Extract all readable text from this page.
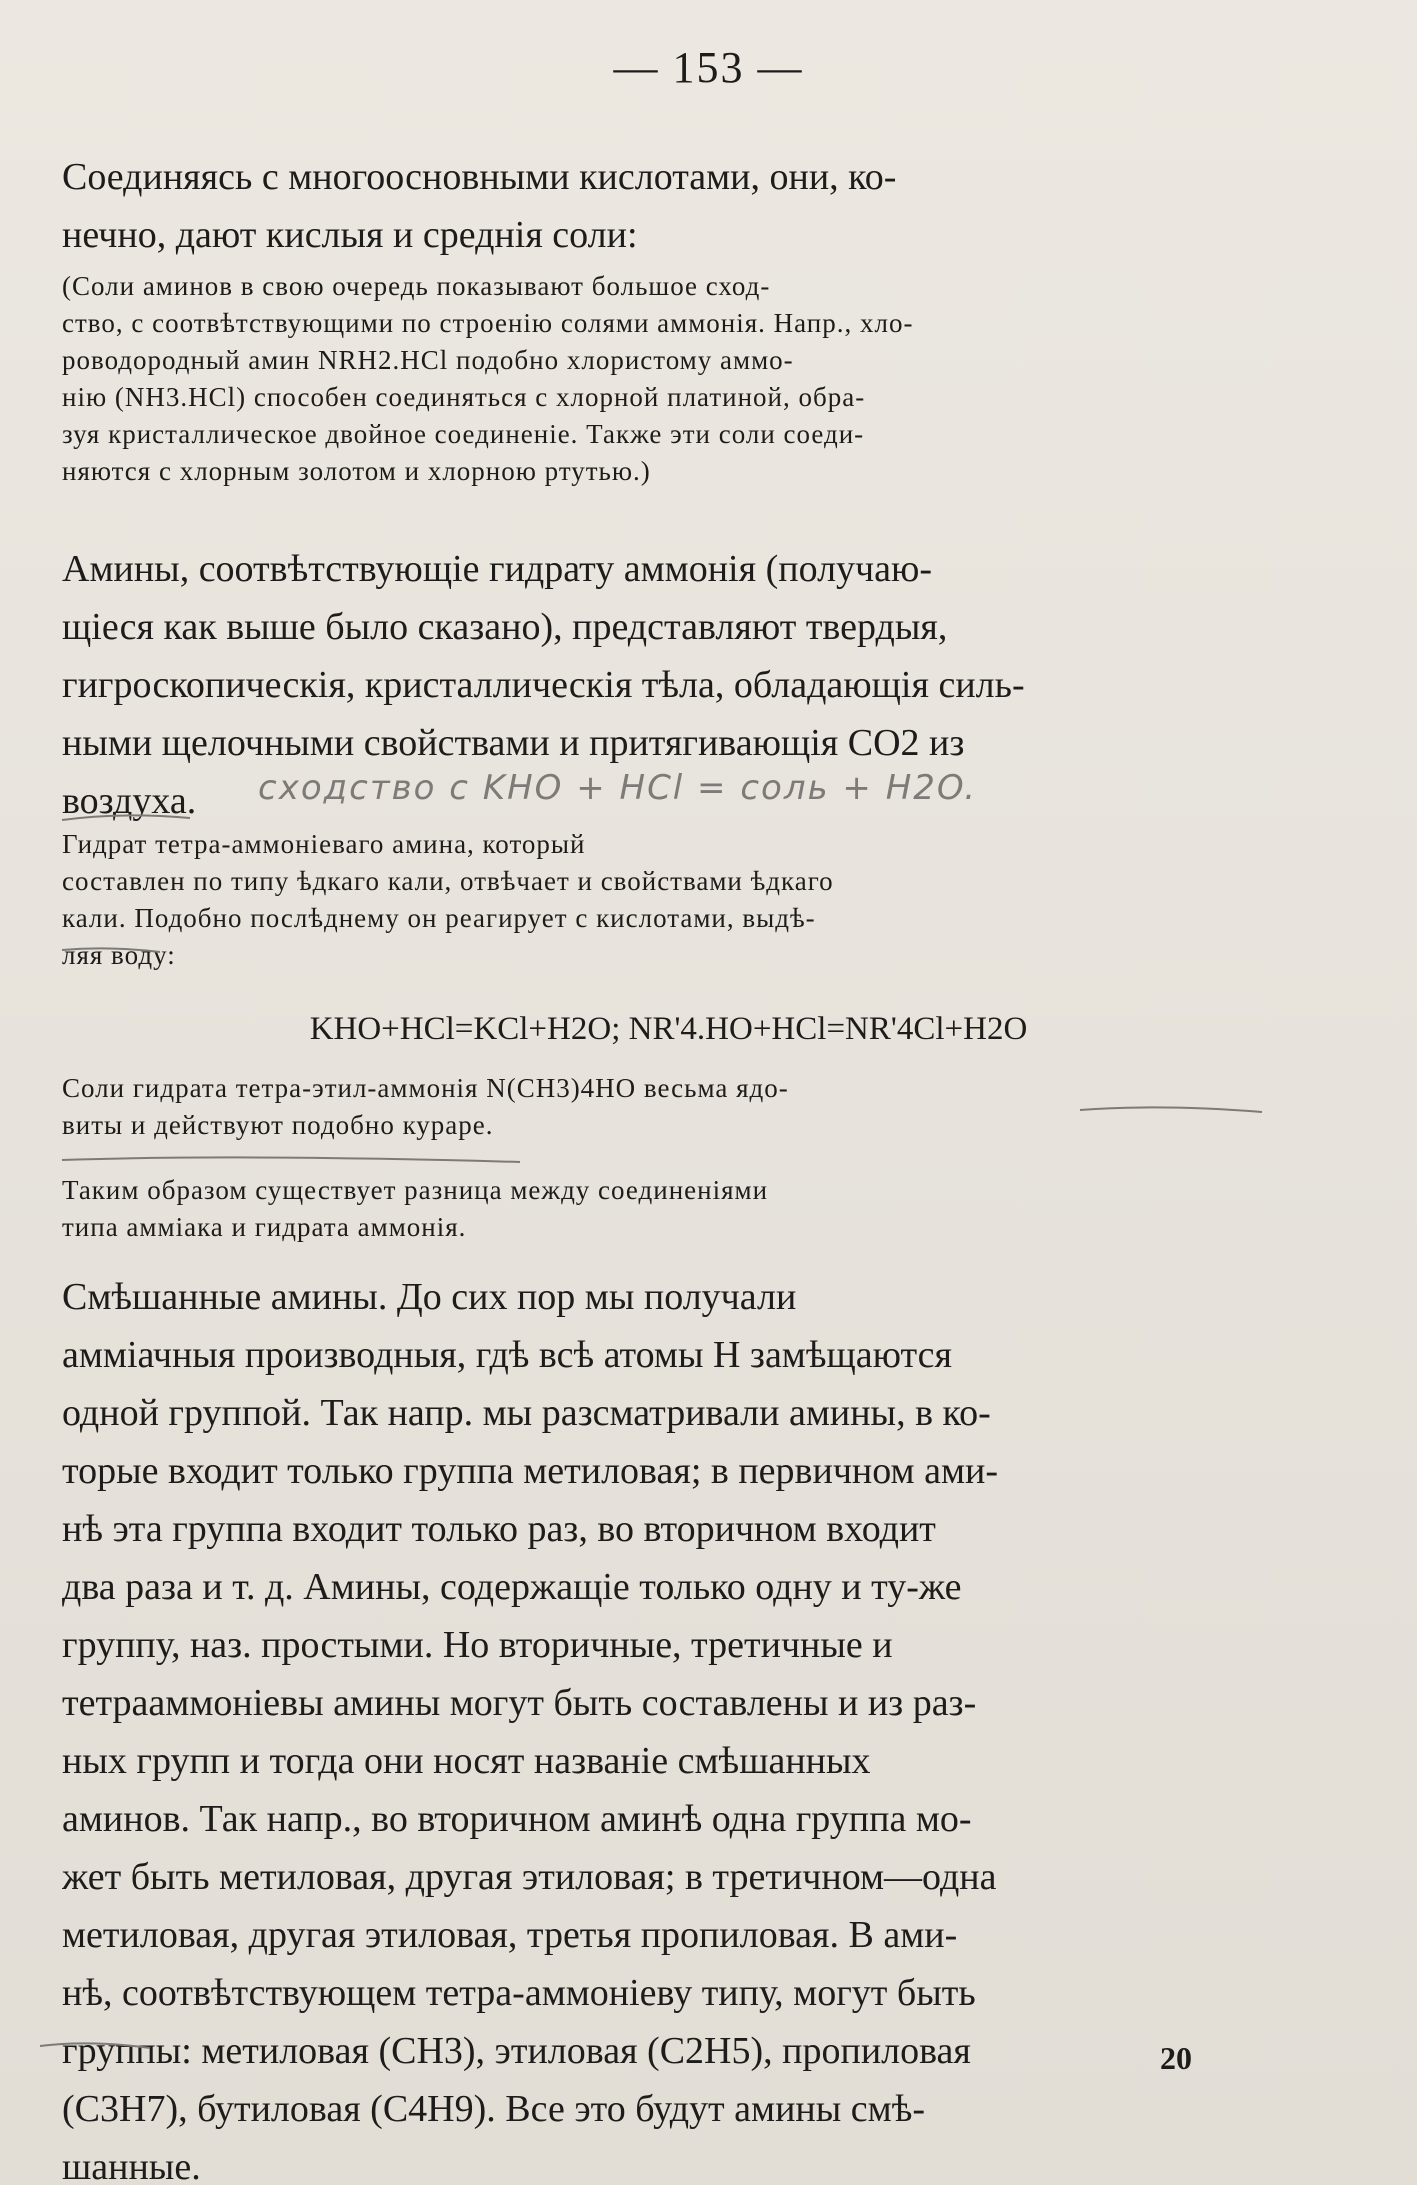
— 153 —
Соединяясь с многоосновными кислотами, они, ко-
нечно, дают кислыя и среднія соли:
(Соли аминов в свою очередь показывают большое сход-
ство, с соотвѣтствующими по строенію солями аммонія. Напр., хло-
роводородный амин NRH2.HCl подобно хлористому аммо-
нію (NH3.HCl) способен соединяться с хлорной платиной, обра-
зуя кристаллическое двойное соединеніе. Также эти соли соеди-
няются с хлорным золотом и хлорною ртутью.)
Амины, соотвѣтствующіе гидрату аммонія (получаю-
щіеся как выше было сказано), представляют твердыя,
гигроскопическія, кристаллическія тѣла, обладающія силь-
ными щелочными свойствами и притягивающія CO2 из
воздуха.	сходство с KHO + HCl = соль + H2O.
Гидрат тетра-аммоніеваго амина, который
составлен по типу ѣдкаго кали, отвѣчает и свойствами ѣдкаго
кали. Подобно послѣднему он реагирует с кислотами, выдѣ-
ляя воду:
KHO+HCl=KCl+H2O; NR'4.HO+HCl=NR'4Cl+H2O
Соли гидрата тетра-этил-аммонія N(CH3)4HO весьма ядо-
виты и действуют подобно кураре.
Таким образом существует разница между соединеніями
типа аммiака и гидрата аммонія.
Смѣшанные амины. До сих пор мы получали
амміачныя производныя, гдѣ всѣ атомы H замѣщаются
одной группой. Так напр. мы разсматривали амины, в ко-
торые входит только группа метиловая; в первичном ами-
нѣ эта группа входит только раз, во вторичном входит
два раза и т. д. Амины, содержащіе только одну и ту-же
группу, наз. простыми. Но вторичные, третичные и
тетрааммоніевы амины могут быть составлены и из раз-
ных групп и тогда они носят названіе смѣшанных
аминов. Так напр., во вторичном аминѣ одна группа мо-
жет быть метиловая, другая этиловая; в третичном—одна
метиловая, другая этиловая, третья пропиловая. В ами-
нѣ, соотвѣтствующем тетра-аммоніеву типу, могут быть
группы: метиловая (CH3), этиловая (C2H5), пропиловая
(C3H7), бутиловая (C4H9). Все это будут амины смѣ-
шанные.
20
